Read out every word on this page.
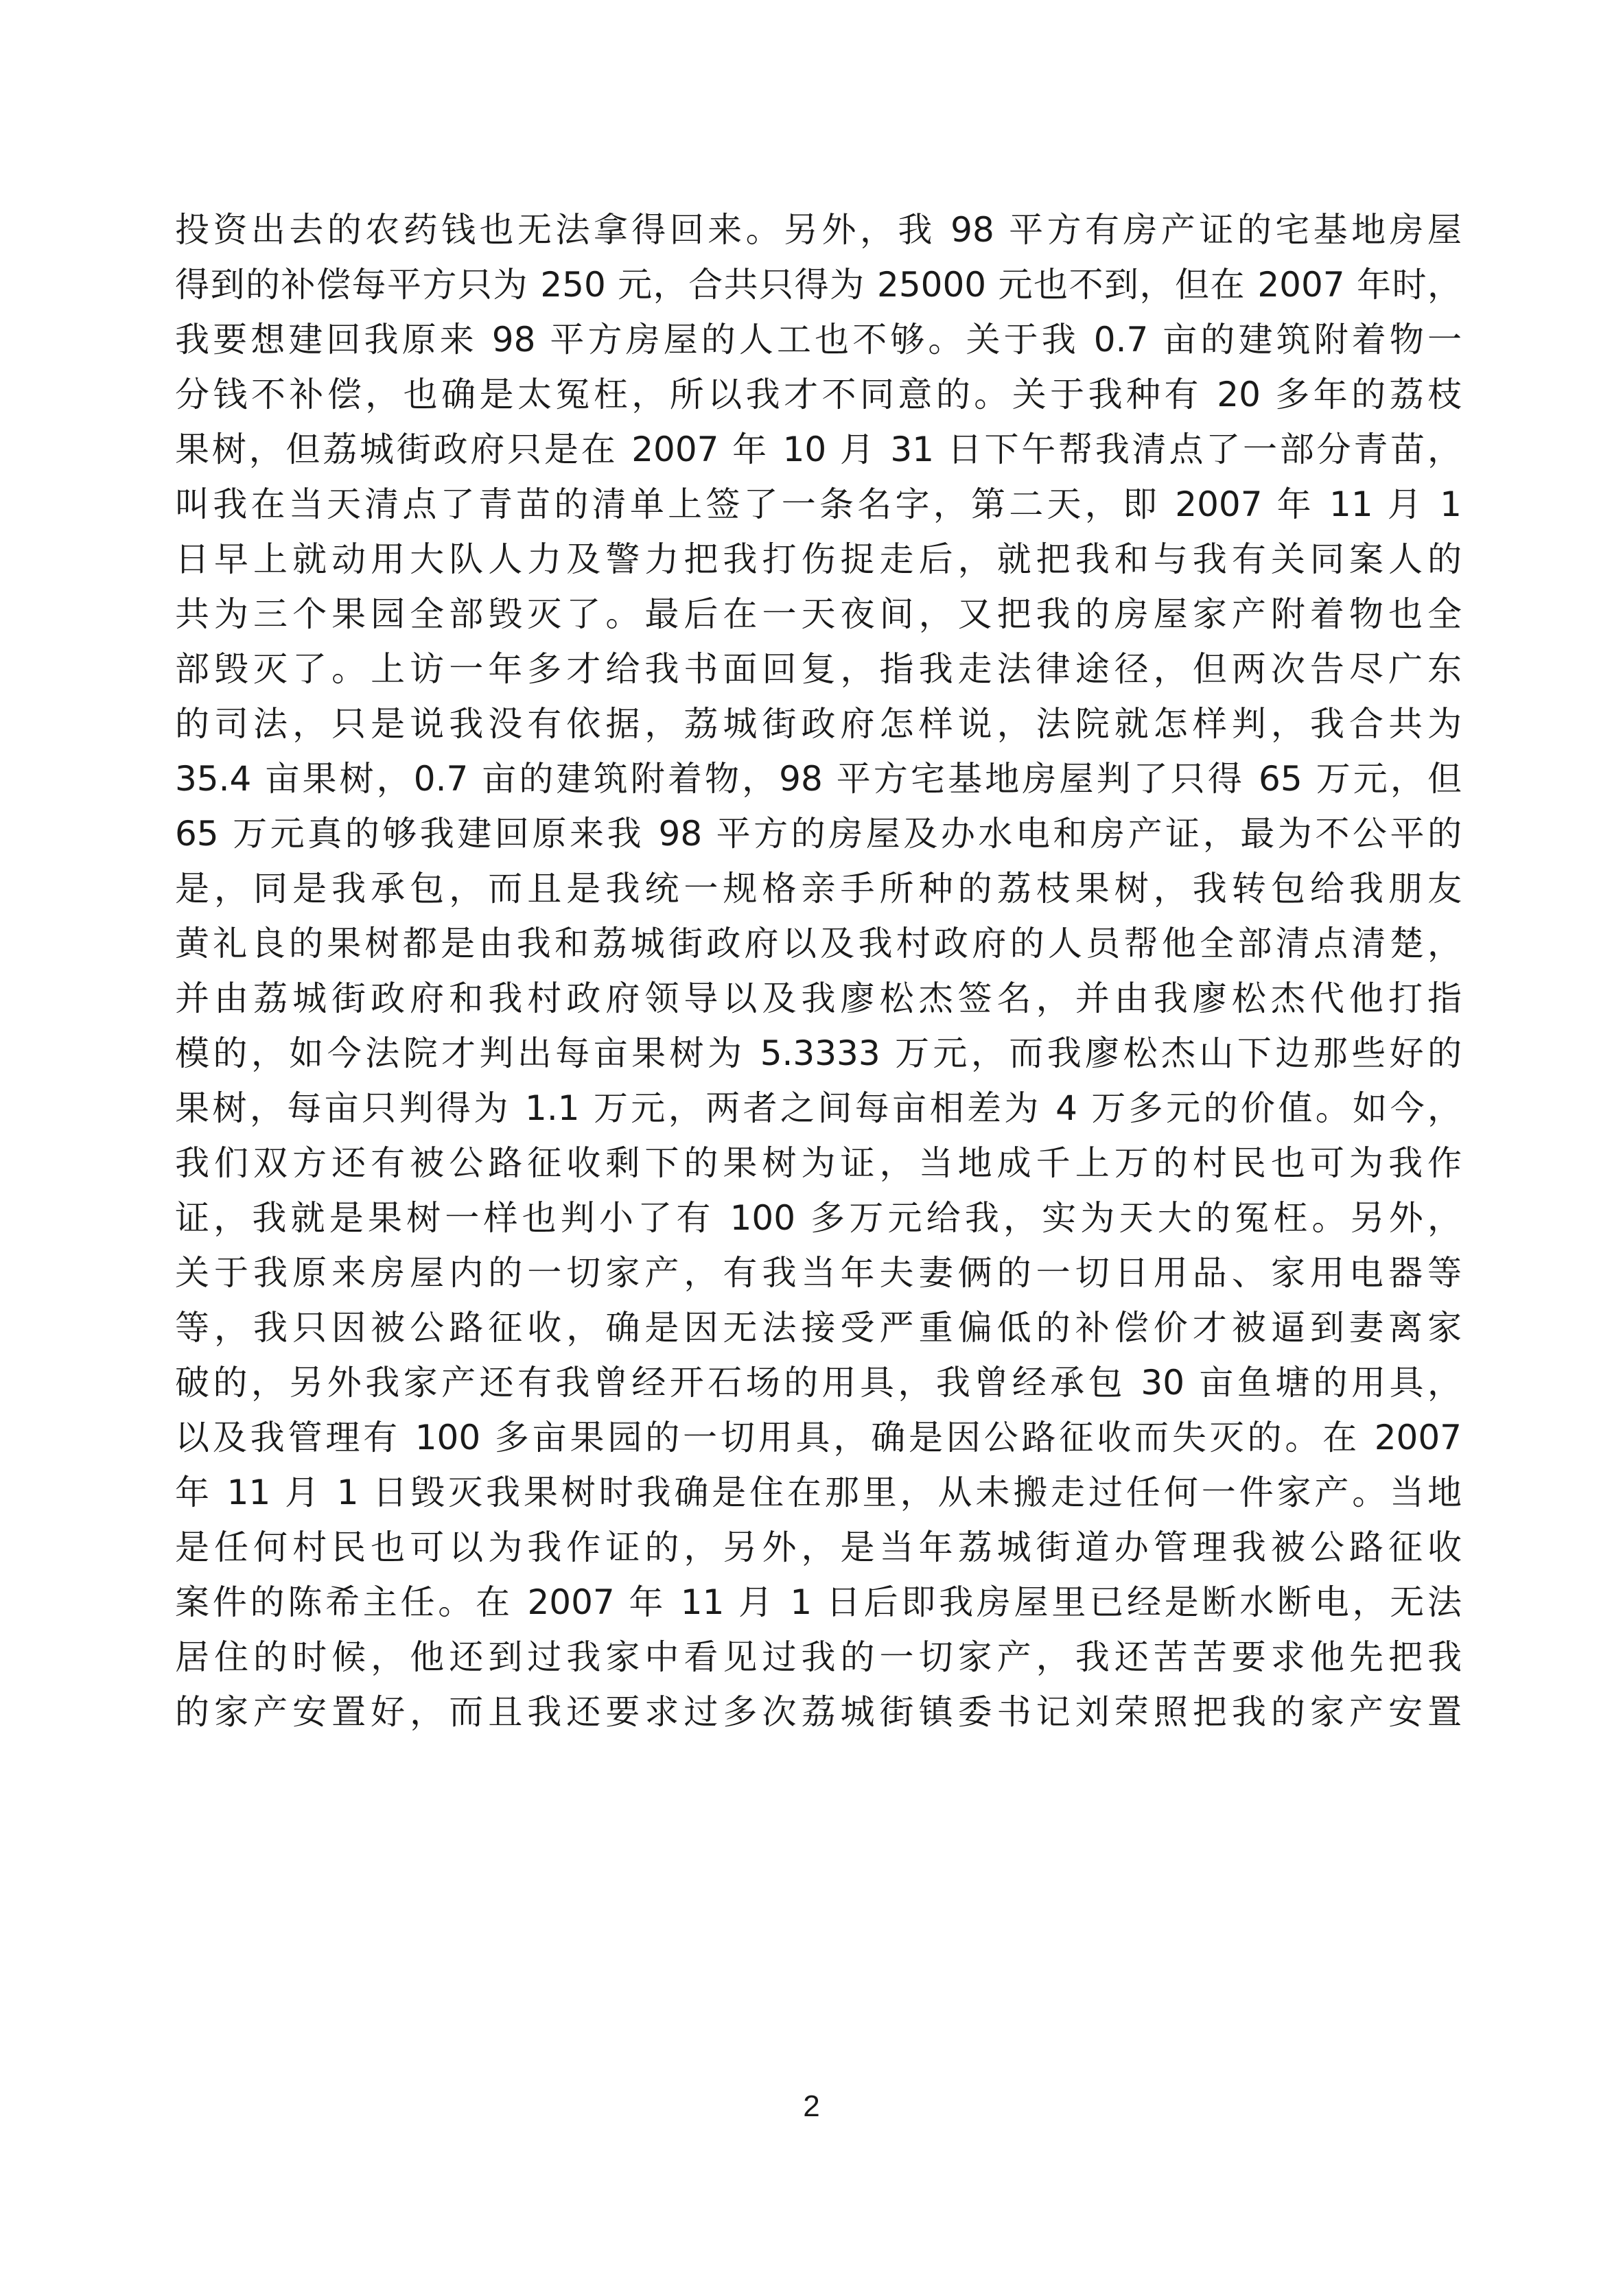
投资出去的农药钱也无法拿得回来。另外，我 98 平方有房产证的宅基地房屋
得到的补偿每平方只为 250 元，合共只得为 25000 元也不到，但在 2007 年时，
我要想建回我原来 98 平方房屋的人工也不够。关于我 0.7 亩的建筑附着物一
分钱不补偿，也确是太冤枉，所以我才不同意的。关于我种有 20 多年的荔枝
果树，但荔城街政府只是在 2007 年 10 月 31 日下午帮我清点了一部分青苗，
叫我在当天清点了青苗的清单上签了一条名字，第二天，即 2007 年 11 月 1
日早上就动用大队人力及警力把我打伤捉走后，就把我和与我有关同案人的
共为三个果园全部毁灭了。最后在一天夜间，又把我的房屋家产附着物也全
部毁灭了。上访一年多才给我书面回复，指我走法律途径，但两次告尽广东
的司法，只是说我没有依据，荔城街政府怎样说，法院就怎样判，我合共为
35.4 亩果树，0.7 亩的建筑附着物，98 平方宅基地房屋判了只得 65 万元，但
65 万元真的够我建回原来我 98 平方的房屋及办水电和房产证，最为不公平的
是，同是我承包，而且是我统一规格亲手所种的荔枝果树，我转包给我朋友
黄礼良的果树都是由我和荔城街政府以及我村政府的人员帮他全部清点清楚，
并由荔城街政府和我村政府领导以及我廖松杰签名，并由我廖松杰代他打指
模的，如今法院才判出每亩果树为 5.3333 万元，而我廖松杰山下边那些好的
果树，每亩只判得为 1.1 万元，两者之间每亩相差为 4 万多元的价值。如今，
我们双方还有被公路征收剩下的果树为证，当地成千上万的村民也可为我作
证，我就是果树一样也判小了有 100 多万元给我，实为天大的冤枉。另外，
关于我原来房屋内的一切家产，有我当年夫妻俩的一切日用品、家用电器等
等，我只因被公路征收，确是因无法接受严重偏低的补偿价才被逼到妻离家
破的，另外我家产还有我曾经开石场的用具，我曾经承包 30 亩鱼塘的用具，
以及我管理有 100 多亩果园的一切用具，确是因公路征收而失灭的。在 2007
年 11 月 1 日毁灭我果树时我确是住在那里，从未搬走过任何一件家产。当地
是任何村民也可以为我作证的，另外，是当年荔城街道办管理我被公路征收
案件的陈希主任。在 2007 年 11 月 1 日后即我房屋里已经是断水断电，无法
居住的时候，他还到过我家中看见过我的一切家产，我还苦苦要求他先把我
的家产安置好，而且我还要求过多次荔城街镇委书记刘荣照把我的家产安置
2
